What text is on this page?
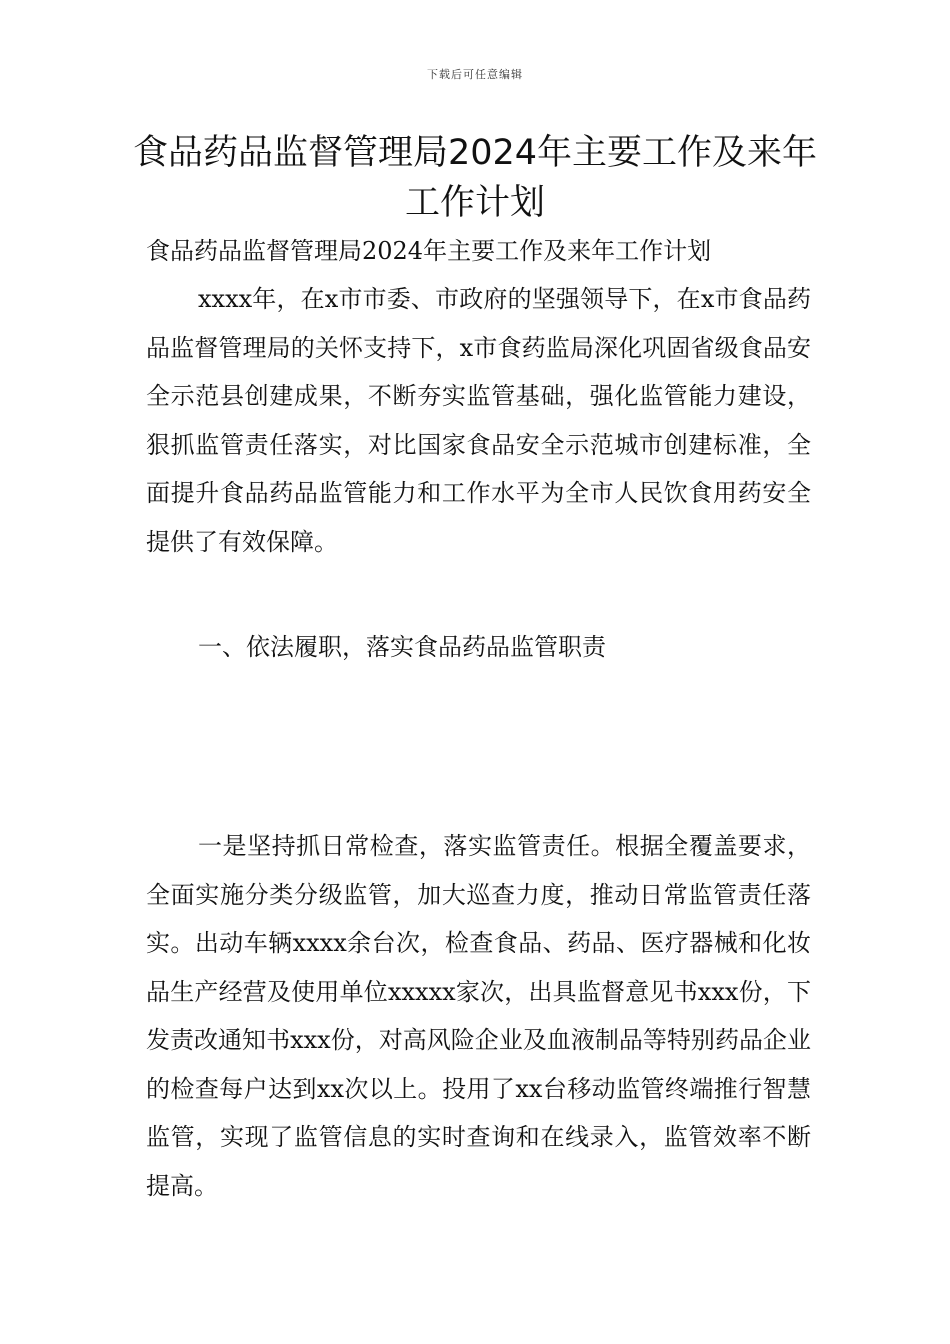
下载后可任意编辑
食品药品监督管理局2024年主要工作及来年工作计划

食品药品监督管理局2024年主要工作及来年工作计划

xxxx年，在x市市委、市政府的坚强领导下，在x市食品药品监督管理局的关怀支持下，x市食药监局深化巩固省级食品安全示范县创建成果，不断夯实监管基础，强化监管能力建设，狠抓监管责任落实，对比国家食品安全示范城市创建标准，全面提升食品药品监管能力和工作水平为全市人民饮食用药安全提供了有效保障。

一、依法履职，落实食品药品监管职责

一是坚持抓日常检查，落实监管责任。根据全覆盖要求，全面实施分类分级监管，加大巡查力度，推动日常监管责任落实。出动车辆xxxx余台次，检查食品、药品、医疗器械和化妆品生产经营及使用单位xxxxx家次，出具监督意见书xxx份，下发责改通知书xxx份，对高风险企业及血液制品等特别药品企业的检查每户达到xx次以上。投用了xx台移动监管终端推行智慧监管，实现了监管信息的实时查询和在线录入，监管效率不断提高。
